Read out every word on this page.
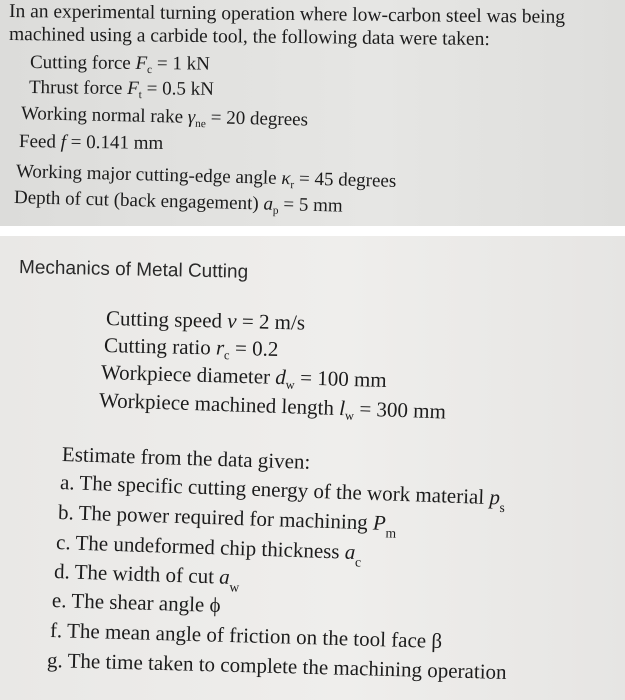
In an experimental turning operation where low-carbon steel was being
machined using a carbide tool, the following data were taken:
Cutting force $F_c = 1$ kN
Thrust force $F_t = 0.5$ kN
Working normal rake $\gamma_{ne} = 20$ degrees
Feed f = 0.141 mm
Working major cutting-edge angle $\kappa_r = 45$ degrees
Depth of cut (back engagement) $a_p = 5$ mm
Mechanics of Metal Cutting
Cutting speed v = 2 m/s
Cutting ratio $r_c = 0.2$
Workpiece diameter $d_w = 100$ mm
Workpiece machined length $l_w = 300$ mm
Estimate from the data given:
a. The specific cutting energy of the work material $p_s$
b. The power required for machining $P_m$
c. The undeformed chip thickness $a_c$
d. The width of cut $a_w$
e. The shear angle ϕ
f. The mean angle of friction on the tool face β
g. The time taken to complete the machining operation
